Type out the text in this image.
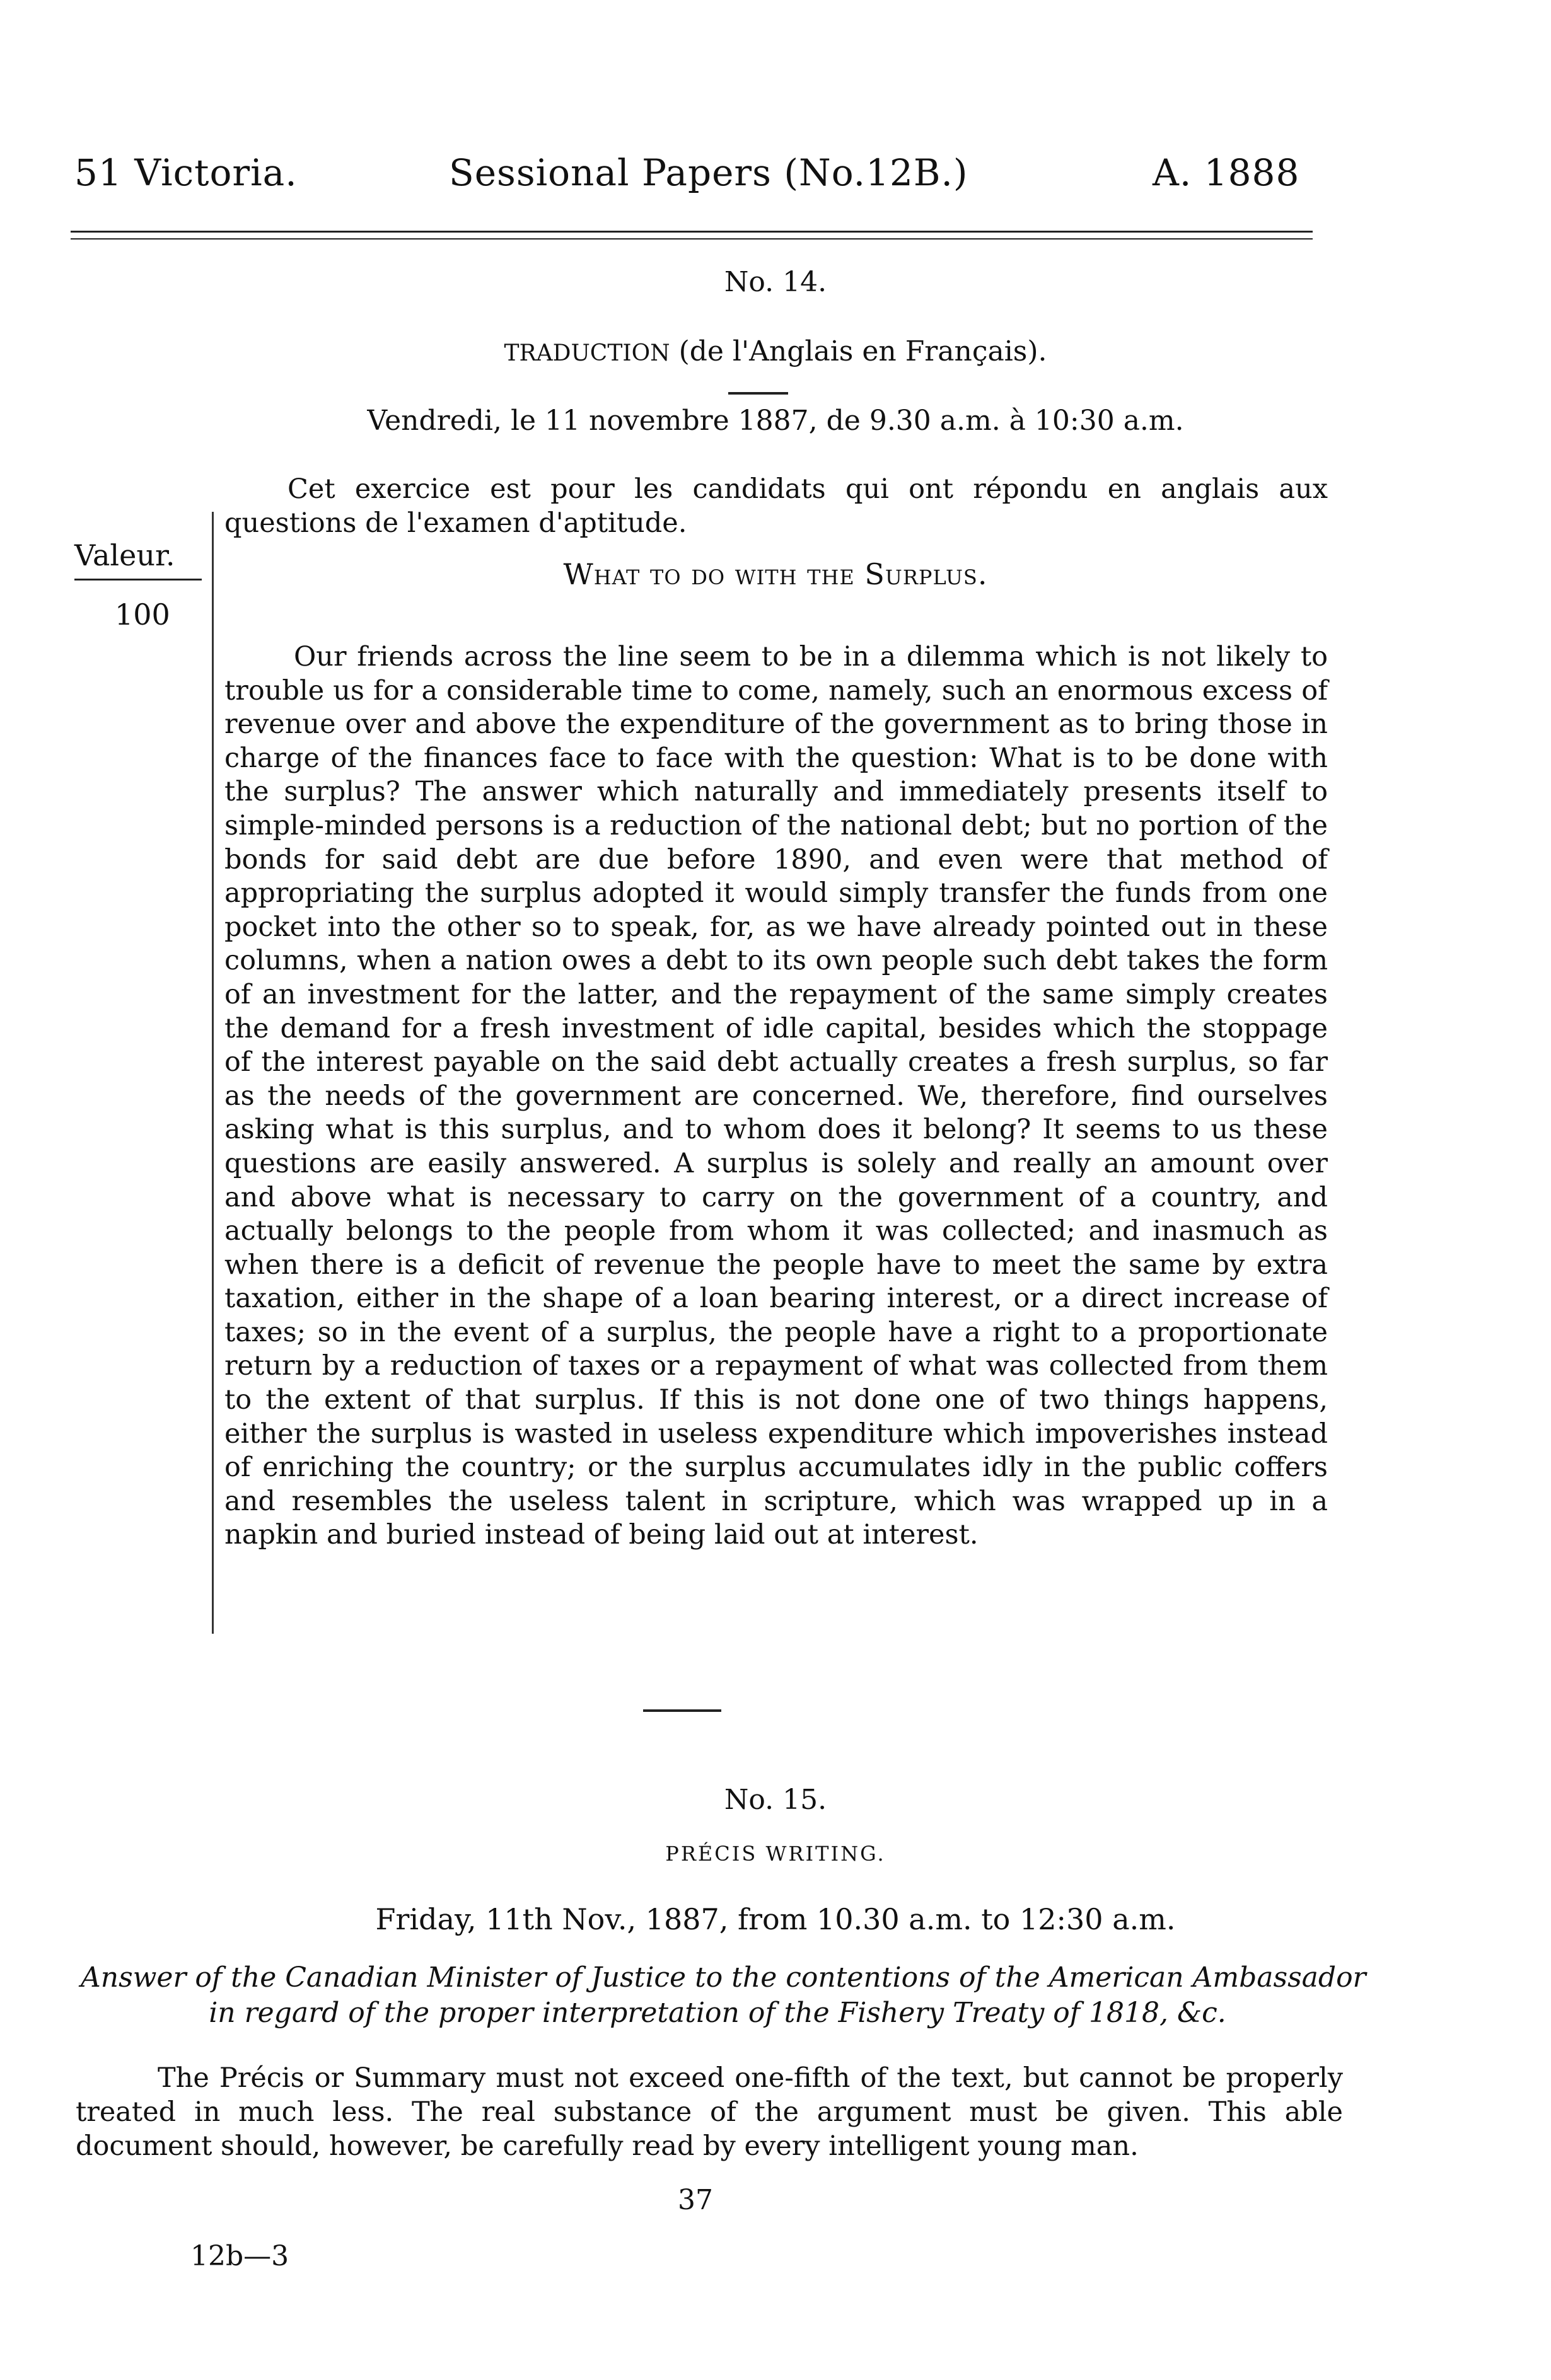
51 Victoria.	Sessional Papers (No.12B.)	A. 1888
No. 14.
TRADUCTION (de l'Anglais en Français).
Vendredi, le 11 novembre 1887, de 9.30 a.m. à 10:30 a.m.
Cet exercice est pour les candidats qui ont répondu en anglais aux questions de l'examen d'aptitude.
Valeur.
100
What to do with the Surplus.
Our friends across the line seem to be in a dilemma which is not likely to trouble us for a considerable time to come, namely, such an enormous excess of revenue over and above the expenditure of the government as to bring those in charge of the finances face to face with the question: What is to be done with the surplus? The answer which naturally and immediately presents itself to simple-minded persons is a reduction of the national debt; but no portion of the bonds for said debt are due before 1890, and even were that method of appropriating the surplus adopted it would simply transfer the funds from one pocket into the other so to speak, for, as we have already pointed out in these columns, when a nation owes a debt to its own people such debt takes the form of an investment for the latter, and the repayment of the same simply creates the demand for a fresh investment of idle capital, besides which the stoppage of the interest payable on the said debt actually creates a fresh surplus, so far as the needs of the government are concerned. We, therefore, find ourselves asking what is this surplus, and to whom does it belong? It seems to us these questions are easily answered. A surplus is solely and really an amount over and above what is necessary to carry on the government of a country, and actually belongs to the people from whom it was collected; and inasmuch as when there is a deficit of revenue the people have to meet the same by extra taxation, either in the shape of a loan bearing interest, or a direct increase of taxes; so in the event of a surplus, the people have a right to a proportionate return by a reduction of taxes or a repayment of what was collected from them to the extent of that surplus. If this is not done one of two things happens, either the surplus is wasted in useless expenditure which impoverishes instead of enriching the country; or the surplus accumulates idly in the public coffers and resembles the useless talent in scripture, which was wrapped up in a napkin and buried instead of being laid out at interest.
No. 15.
PRÉCIS WRITING.
Friday, 11th Nov., 1887, from 10.30 a.m. to 12:30 a.m.
Answer of the Canadian Minister of Justice to the contentions of the American Ambassador
in regard of the proper interpretation of the Fishery Treaty of 1818, &c.
The Précis or Summary must not exceed one-fifth of the text, but cannot be properly treated in much less. The real substance of the argument must be given. This able document should, however, be carefully read by every intelligent young man.
37
12b—3
